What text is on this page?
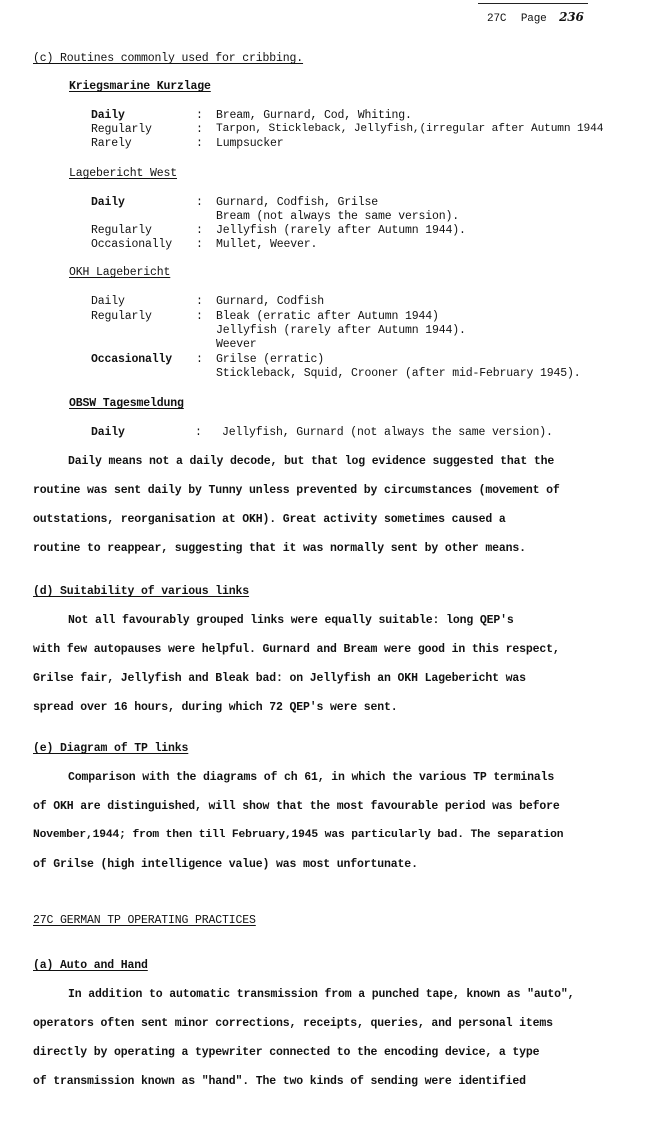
27C Page 236
(c) Routines commonly used for cribbing.
Kriegsmarine Kurzlage
Daily	: Bream, Gurnard, Cod, Whiting.
Regularly	: Tarpon, Stickleback, Jellyfish,(irregular after Autumn 1944
Rarely	: Lumpsucker
Lagebericht West
Daily	: Gurnard, Codfish, Grilse
Bream (not always the same version).
Regularly	: Jellyfish (rarely after Autumn 1944).
Occasionally : Mullet, Weever.
OKH Lagebericht
Daily	: Gurnard, Codfish
Regularly	: Bleak (erratic after Autumn 1944)
Jellyfish (rarely after Autumn 1944).
Weever
Occasionally : Grilse (erratic)
Stickleback, Squid, Crooner (after mid-February 1945).
OBSW Tagesmeldung
Daily	: Jellyfish, Gurnard (not always the same version).
Daily means not a daily decode, but that log evidence suggested that the
routine was sent daily by Tunny unless prevented by circumstances (movement of
outstations, reorganisation at OKH). Great activity sometimes caused a
routine to reappear, suggesting that it was normally sent by other means.
(d) Suitability of various links
Not all favourably grouped links were equally suitable: long QEP's
with few autopauses were helpful. Gurnard and Bream were good in this respect,
Grilse fair, Jellyfish and Bleak bad: on Jellyfish an OKH Lagebericht was
spread over 16 hours, during which 72 QEP's were sent.
(e) Diagram of TP links
Comparison with the diagrams of ch 61, in which the various TP terminals
of OKH are distinguished, will show that the most favourable period was before
November,1944; from then till February,1945 was particularly bad. The separation
of Grilse (high intelligence value) was most unfortunate.
27C GERMAN TP OPERATING PRACTICES
(a) Auto and Hand
In addition to automatic transmission from a punched tape, known as "auto",
operators often sent minor corrections, receipts, queries, and personal items
directly by operating a typewriter connected to the encoding device, a type
of transmission known as "hand". The two kinds of sending were identified
